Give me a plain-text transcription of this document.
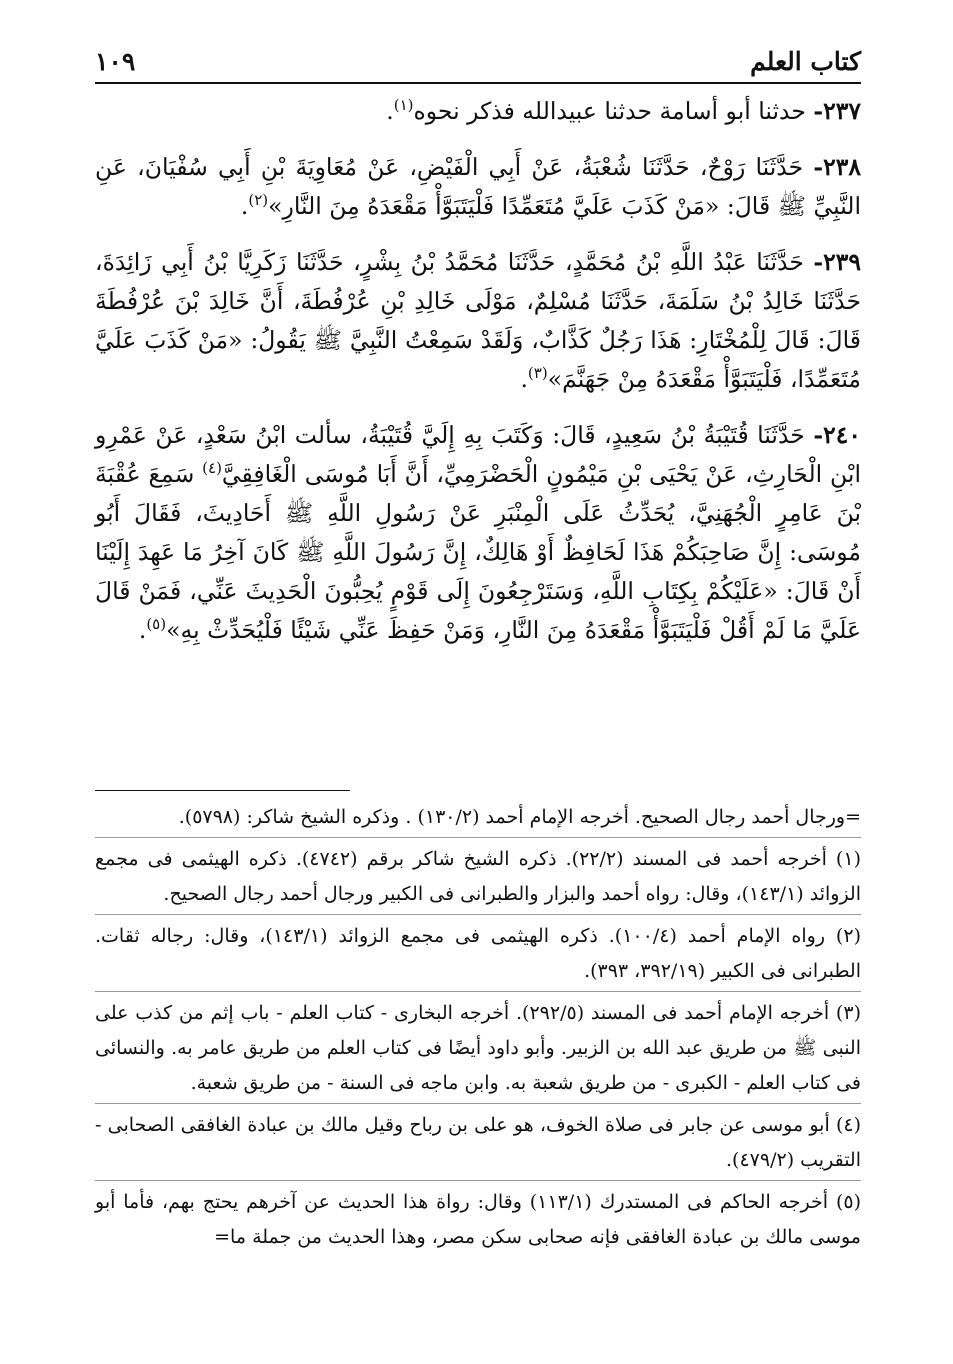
كتاب العلم
١٠٩

٢٣٧- حدثنا أبو أسامة حدثنا عبيدالله فذكر نحوه$^{(١)}$.

٢٣٨- حَدَّثَنَا رَوْحٌ، حَدَّثَنَا شُعْبَةُ، عَنْ أَبِي الْفَيْضِ، عَنْ مُعَاوِيَةَ بْنِ أَبِي سُفْيَانَ، عَنِ النَّبِيِّ ﷺ قَالَ: «مَنْ كَذَبَ عَلَيَّ مُتَعَمِّدًا فَلْيَتَبَوَّأْ مَقْعَدَهُ مِنَ النَّارِ»$^{(٢)}$.

٢٣٩- حَدَّثَنَا عَبْدُ اللَّهِ بْنُ مُحَمَّدٍ، حَدَّثَنَا مُحَمَّدُ بْنُ بِشْرٍ، حَدَّثَنَا زَكَرِيَّا بْنُ أَبِي زَائِدَةَ، حَدَّثَنَا خَالِدُ بْنُ سَلَمَةَ، حَدَّثَنَا مُسْلِمٌ، مَوْلَى خَالِدِ بْنِ عُرْفُطَةَ، أَنَّ خَالِدَ بْنَ عُرْفُطَةَ قَالَ: قَالَ لِلْمُخْتَارِ: هَذَا رَجُلٌ كَذَّابٌ، وَلَقَدْ سَمِعْتُ النَّبِيَّ ﷺ يَقُولُ: «مَنْ كَذَبَ عَلَيَّ مُتَعَمِّدًا، فَلْيَتَبَوَّأْ مَقْعَدَهُ مِنْ جَهَنَّمَ»$^{(٣)}$.

٢٤٠- حَدَّثَنَا قُتَيْبَةُ بْنُ سَعِيدٍ، قَالَ: وَكَتَبَ بِهِ إِلَيَّ قُتَيْبَةُ، سألت ابْنُ سَعْدٍ، عَنْ عَمْرِو ابْنِ الْحَارِثِ، عَنْ يَحْيَى بْنِ مَيْمُونٍ الْحَضْرَمِيِّ، أَنَّ أَبَا مُوسَى الْغَافِقِيَّ$^{(٤)}$ سَمِعَ عُقْبَةَ بْنَ عَامِرٍ الْجُهَنِيَّ، يُحَدِّثُ عَلَى الْمِنْبَرِ عَنْ رَسُولِ اللَّهِ ﷺ أَحَادِيثَ، فَقَالَ أَبُو مُوسَى: إِنَّ صَاحِبَكُمْ هَذَا لَحَافِظٌ أَوْ هَالِكٌ، إِنَّ رَسُولَ اللَّهِ ﷺ كَانَ آخِرُ مَا عَهِدَ إِلَيْنَا أَنْ قَالَ: «عَلَيْكُمْ بِكِتَابِ اللَّهِ، وَسَتَرْجِعُونَ إِلَى قَوْمٍ يُحِبُّونَ الْحَدِيثَ عَنِّي، فَمَنْ قَالَ عَلَيَّ مَا لَمْ أَقُلْ فَلْيَتَبَوَّأْ مَقْعَدَهُ مِنَ النَّارِ، وَمَنْ حَفِظَ عَنِّي شَيْئًا فَلْيُحَدِّثْ بِهِ»$^{(٥)}$.

=ورجال أحمد رجال الصحيح. أخرجه الإمام أحمد (١٣٠/٢) . وذكره الشيخ شاكر: (٥٧٩٨).

(١) أخرجه أحمد فى المسند (٢٢/٢). ذكره الشيخ شاكر برقم (٤٧٤٢). ذكره الهيثمى فى مجمع الزوائد (١٤٣/١)، وقال: رواه أحمد والبزار والطبرانى فى الكبير ورجال أحمد رجال الصحيح.

(٢) رواه الإمام أحمد (١٠٠/٤). ذكره الهيثمى فى مجمع الزوائد (١٤٣/١)، وقال: رجاله ثقات. الطبرانى فى الكبير (٣٩٢/١٩، ٣٩٣).

(٣) أخرجه الإمام أحمد فى المسند (٢٩٢/٥). أخرجه البخارى - كتاب العلم - باب إثم من كذب على النبى ﷺ من طريق عبد الله بن الزبير. وأبو داود أيضًا فى كتاب العلم من طريق عامر به. والنسائى فى كتاب العلم - الكبرى - من طريق شعبة به. وابن ماجه فى السنة - من طريق شعبة.

(٤) أبو موسى عن جابر فى صلاة الخوف، هو على بن رباح وقيل مالك بن عبادة الغافقى الصحابى - التقريب (٤٧٩/٢).

(٥) أخرجه الحاكم فى المستدرك (١١٣/١) وقال: رواة هذا الحديث عن آخرهم يحتج بهم، فأما أبو موسى مالك بن عبادة الغافقى فإنه صحابى سكن مصر، وهذا الحديث من جملة ما=
